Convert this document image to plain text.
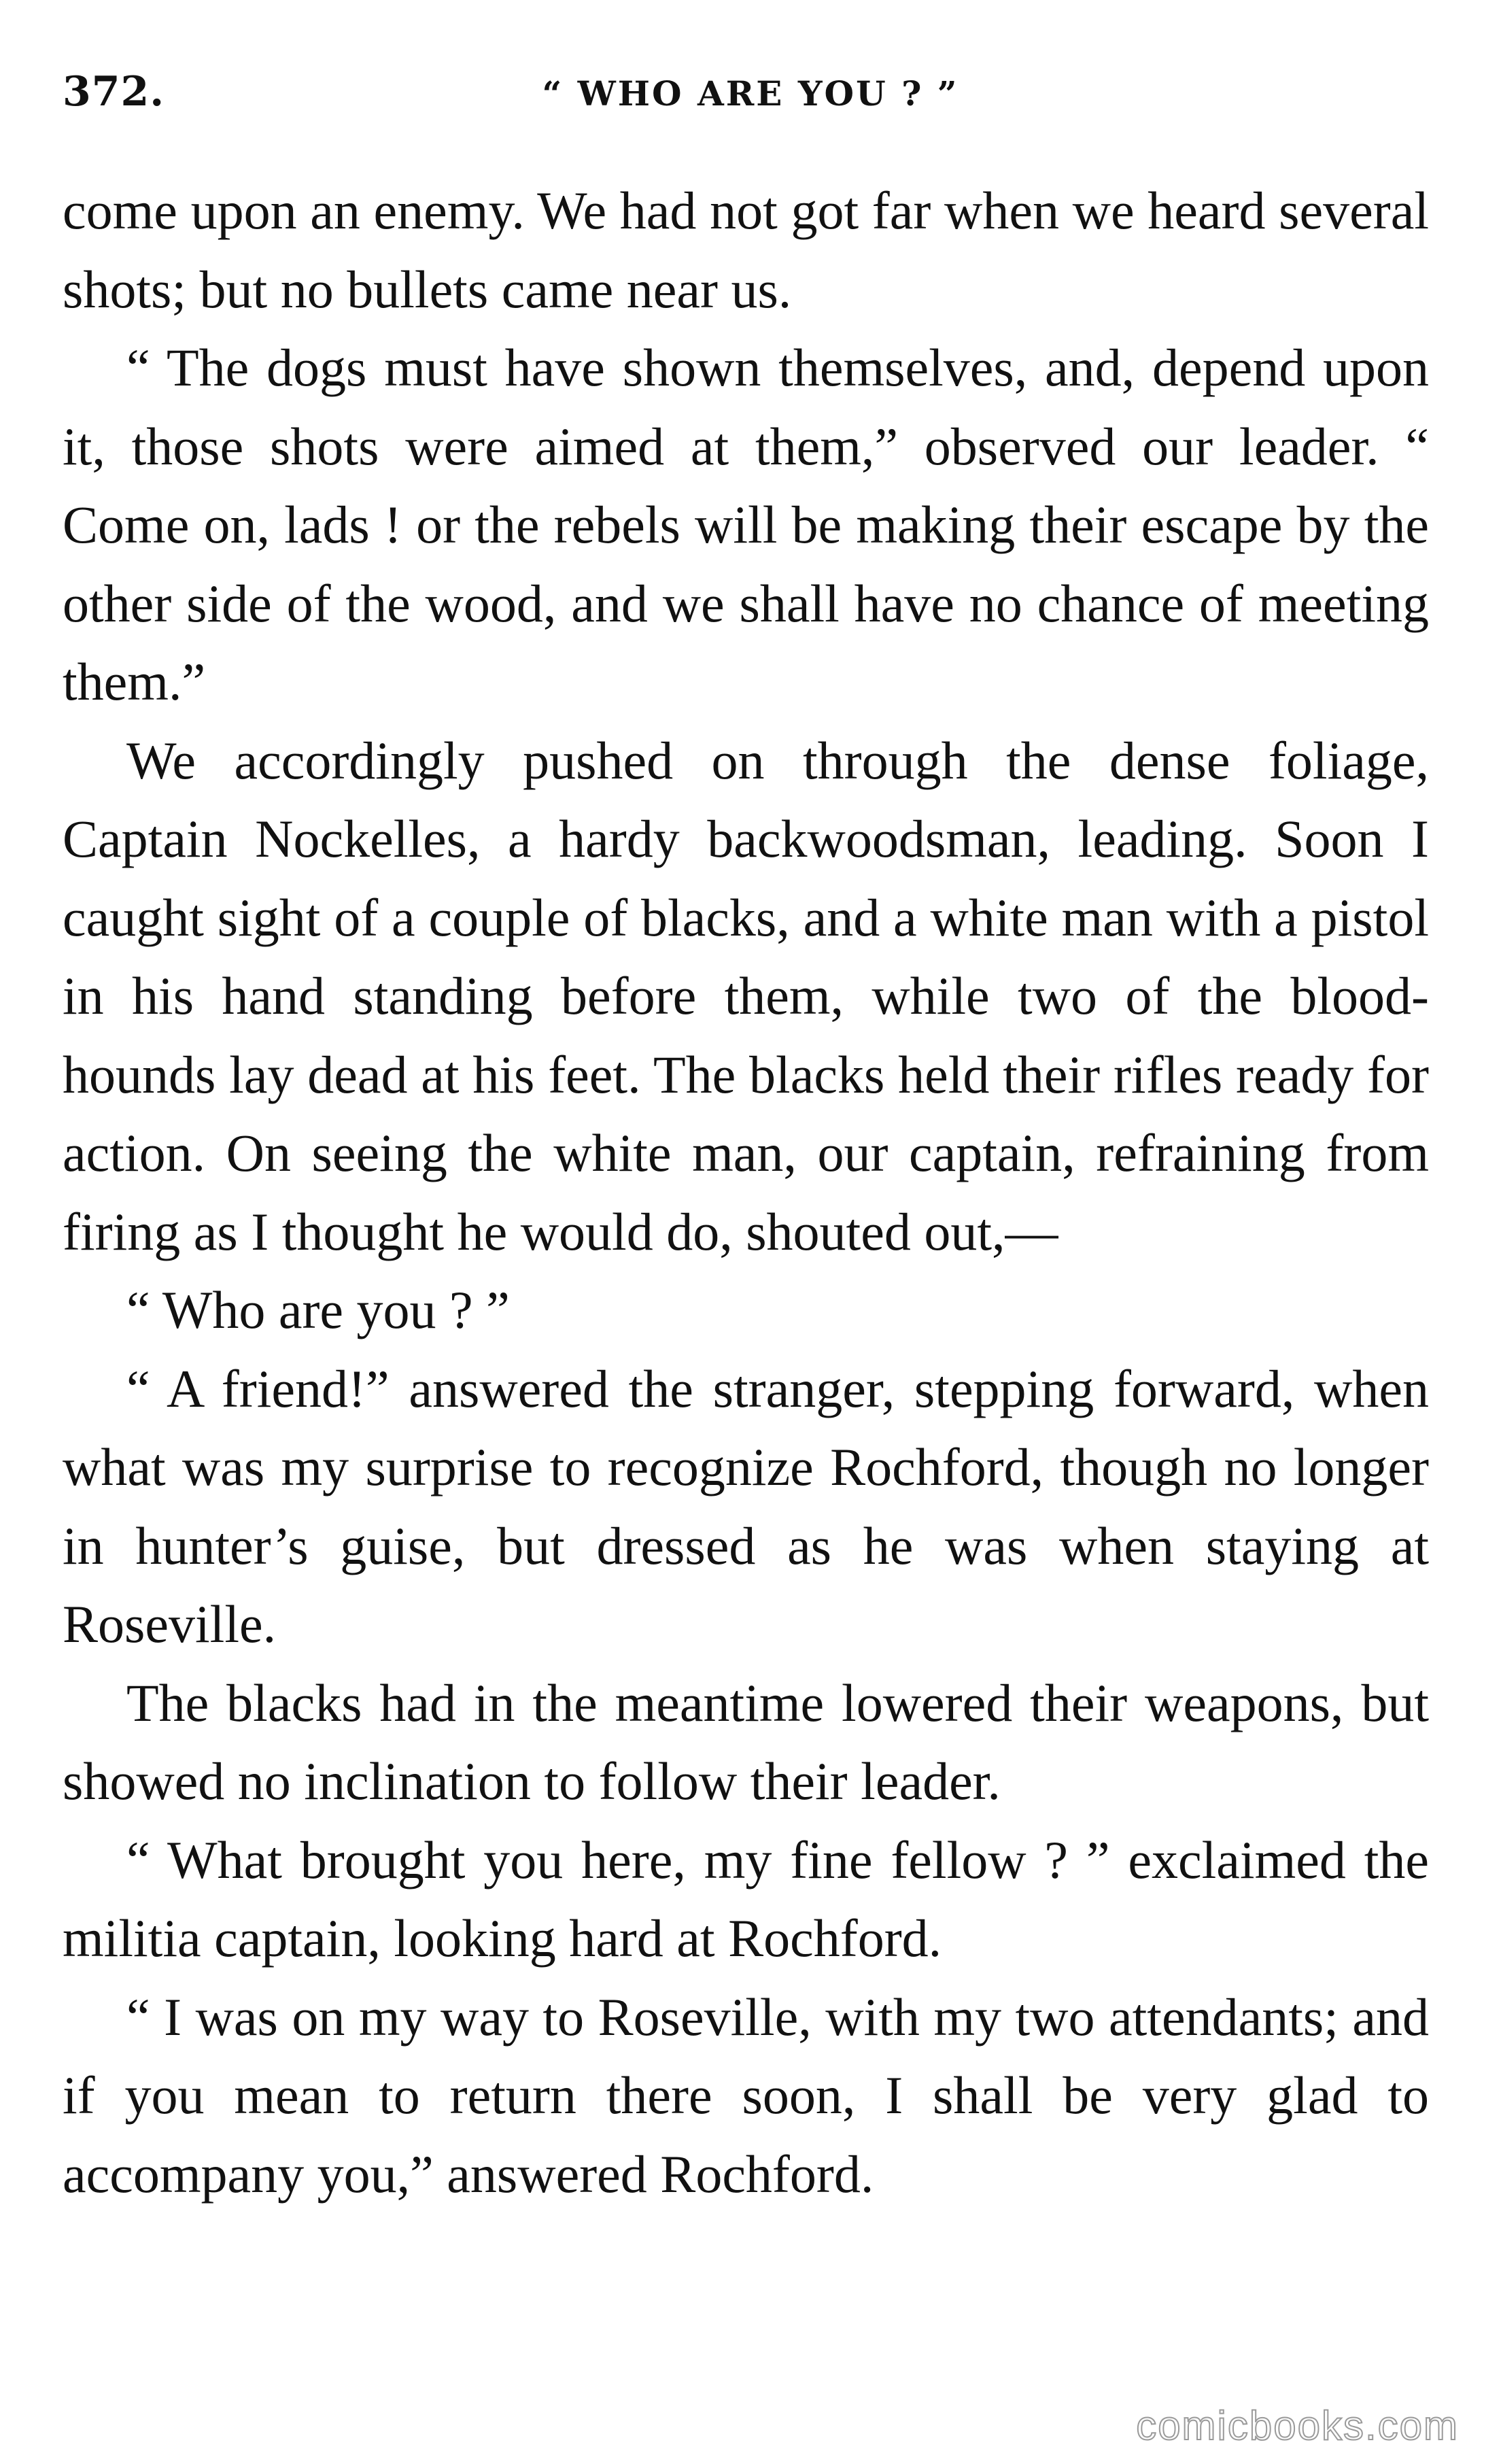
372.	“ WHO ARE YOU ? ”

come upon an enemy. We had not got far when we heard several shots; but no bullets came near us.

“ The dogs must have shown themselves, and, depend upon it, those shots were aimed at them,” observed our leader. “ Come on, lads ! or the rebels will be making their escape by the other side of the wood, and we shall have no chance of meeting them.”

We accordingly pushed on through the dense foliage, Captain Nockelles, a hardy backwoodsman, leading. Soon I caught sight of a couple of blacks, and a white man with a pistol in his hand standing before them, while two of the blood-hounds lay dead at his feet. The blacks held their rifles ready for action. On seeing the white man, our captain, refraining from firing as I thought he would do, shouted out,—

“ Who are you ? ”

“ A friend!” answered the stranger, stepping forward, when what was my surprise to recognize Rochford, though no longer in hunter’s guise, but dressed as he was when staying at Roseville.

The blacks had in the meantime lowered their weapons, but showed no inclination to follow their leader.

“ What brought you here, my fine fellow ? ” exclaimed the militia captain, looking hard at Rochford.

“ I was on my way to Roseville, with my two attendants; and if you mean to return there soon, I shall be very glad to accompany you,” answered Rochford.

comicbooks.com
